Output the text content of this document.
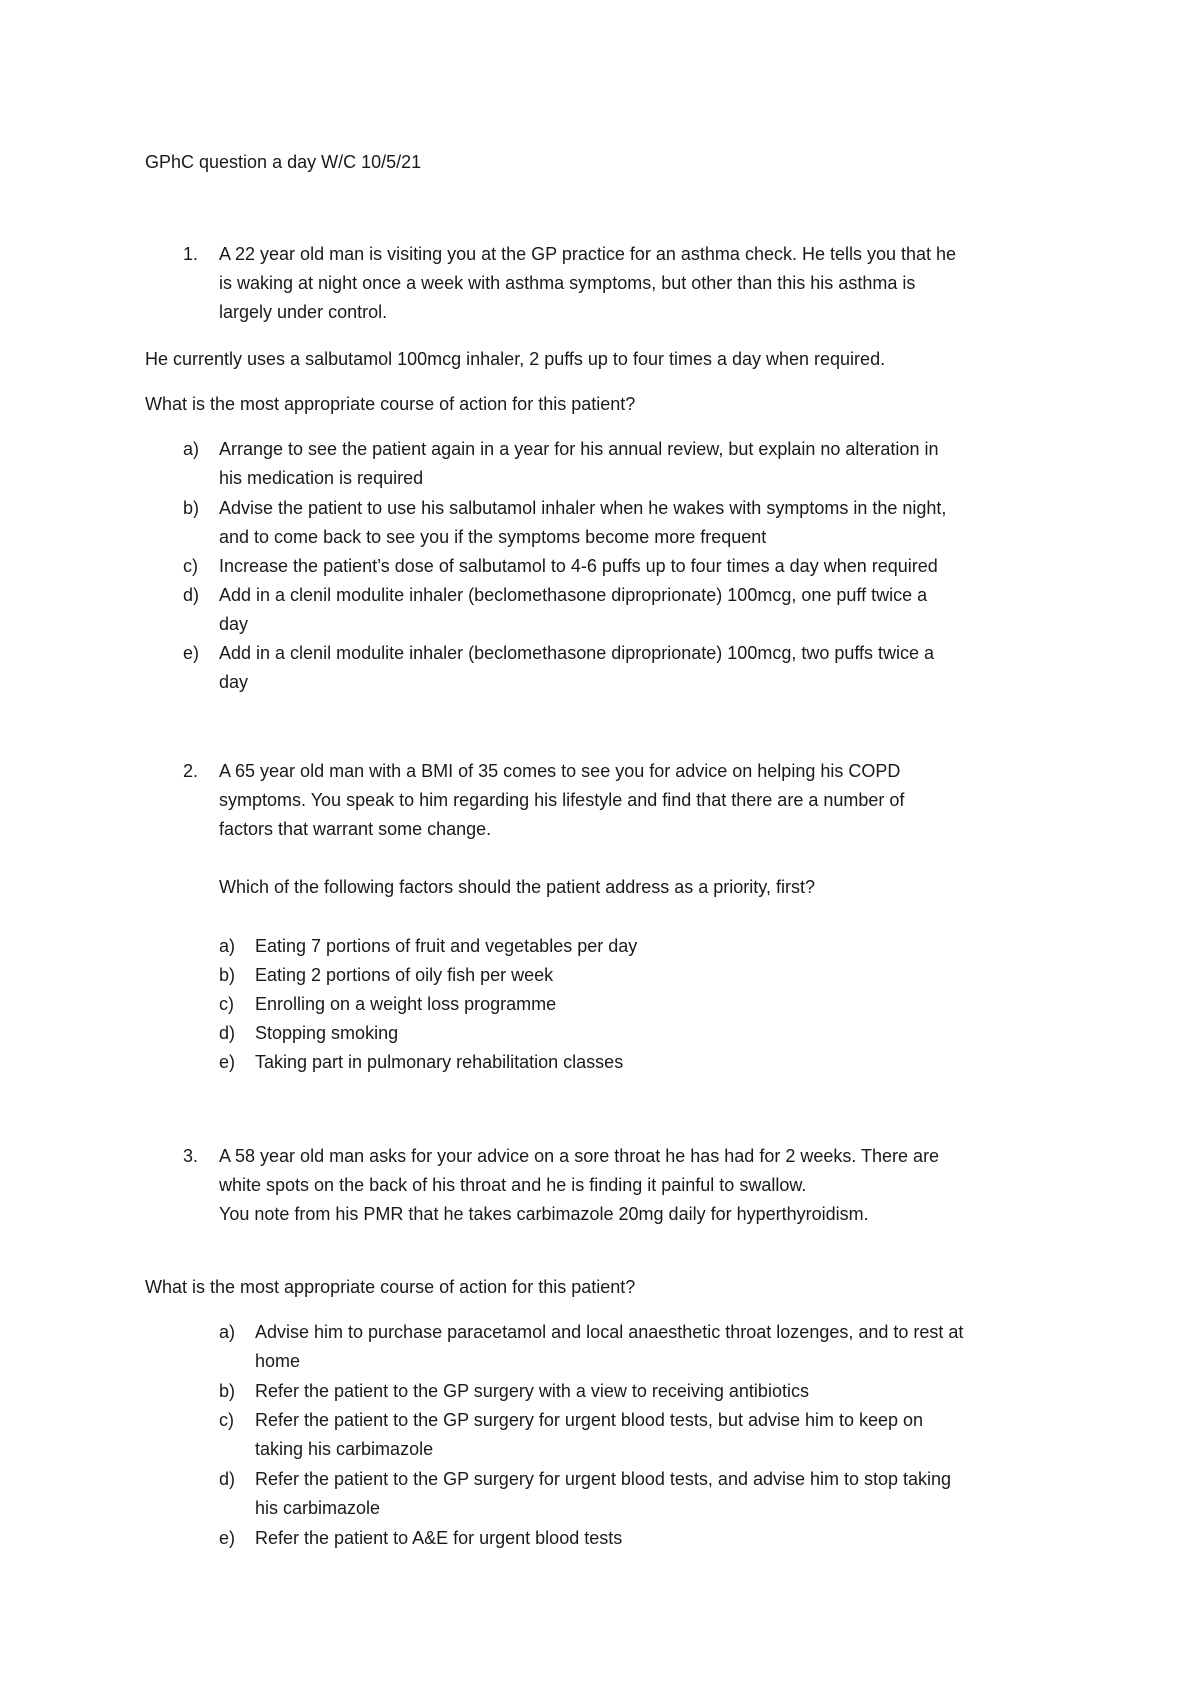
GPhC question a day W/C 10/5/21
1.	A 22 year old man is visiting you at the GP practice for an asthma check. He tells you that he
is waking at night once a week with asthma symptoms, but other than this his asthma is
largely under control.
He currently uses a salbutamol 100mcg inhaler, 2 puffs up to four times a day when required.
What is the most appropriate course of action for this patient?
a)	Arrange to see the patient again in a year for his annual review, but explain no alteration in
his medication is required
b)	Advise the patient to use his salbutamol inhaler when he wakes with symptoms in the night,
and to come back to see you if the symptoms become more frequent
c)	Increase the patient’s dose of salbutamol to 4-6 puffs up to four times a day when required
d)	Add in a clenil modulite inhaler (beclomethasone diproprionate) 100mcg, one puff twice a
day
e)	Add in a clenil modulite inhaler (beclomethasone diproprionate) 100mcg, two puffs twice a
day
2.	A 65 year old man with a BMI of 35 comes to see you for advice on helping his COPD
symptoms. You speak to him regarding his lifestyle and find that there are a number of
factors that warrant some change.
Which of the following factors should the patient address as a priority, first?
a)	Eating 7 portions of fruit and vegetables per day
b)	Eating 2 portions of oily fish per week
c)	Enrolling on a weight loss programme
d)	Stopping smoking
e)	Taking part in pulmonary rehabilitation classes
3.	A 58 year old man asks for your advice on a sore throat he has had for 2 weeks. There are
white spots on the back of his throat and he is finding it painful to swallow.
You note from his PMR that he takes carbimazole 20mg daily for hyperthyroidism.
What is the most appropriate course of action for this patient?
a)	Advise him to purchase paracetamol and local anaesthetic throat lozenges, and to rest at
home
b)	Refer the patient to the GP surgery with a view to receiving antibiotics
c)	Refer the patient to the GP surgery for urgent blood tests, but advise him to keep on
taking his carbimazole
d)	Refer the patient to the GP surgery for urgent blood tests, and advise him to stop taking
his carbimazole
e)	Refer the patient to A&E for urgent blood tests
